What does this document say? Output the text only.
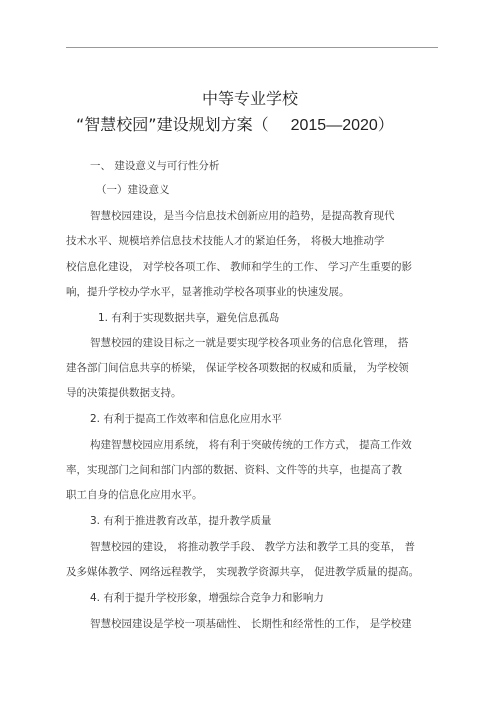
中等专业学校
“智慧校园”建设规划方案（ 2015—2020）
一、 建设意义与可行性分析
（一）建设意义
智慧校园建设，是当今信息技术创新应用的趋势，是提高教育现代
技术水平、规模培养信息技术技能人才的紧迫任务， 将极大地推动学
校信息化建设， 对学校各项工作、 教师和学生的工作、 学习产生重要的影
响，提升学校办学水平，显著推动学校各项事业的快速发展。
1. 有利于实现数据共享，避免信息孤岛
智慧校园的建设目标之一就是要实现学校各项业务的信息化管理， 搭
建各部门间信息共享的桥梁， 保证学校各项数据的权威和质量， 为学校领
导的决策提供数据支持。
2. 有利于提高工作效率和信息化应用水平
构建智慧校园应用系统， 将有利于突破传统的工作方式， 提高工作效
率，实现部门之间和部门内部的数据、资料、文件等的共享，也提高了教
职工自身的信息化应用水平。
3. 有利于推进教育改革，提升教学质量
智慧校园的建设， 将推动教学手段、 教学方法和教学工具的变革， 普
及多媒体教学、网络远程教学， 实现教学资源共享， 促进教学质量的提高。
4. 有利于提升学校形象，增强综合竞争力和影响力
智慧校园建设是学校一项基础性、 长期性和经常性的工作， 是学校建
